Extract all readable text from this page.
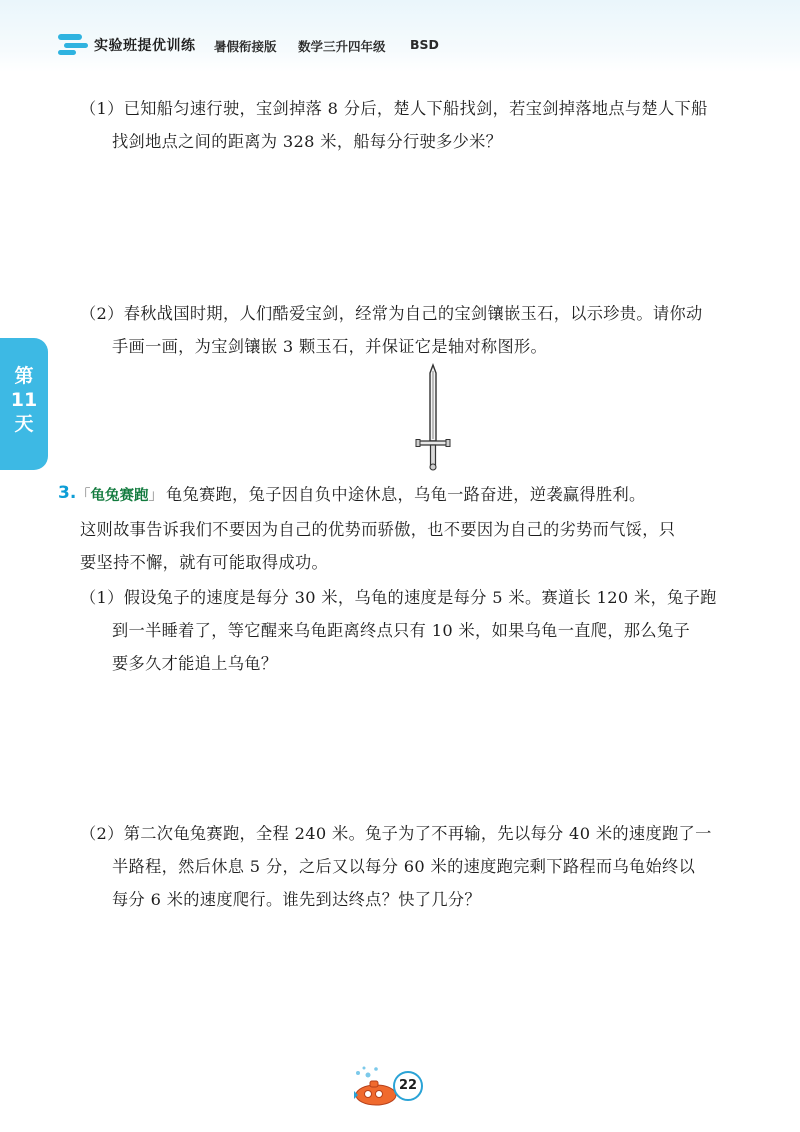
实验班提优训练 暑假衔接版 数学三升四年级 BSD
第
11
天
（1）已知船匀速行驶，宝剑掉落 8 分后，楚人下船找剑，若宝剑掉落地点与楚人下船
找剑地点之间的距离为 328 米，船每分行驶多少米？
（2）春秋战国时期，人们酷爱宝剑，经常为自己的宝剑镶嵌玉石，以示珍贵。请你动
手画一画，为宝剑镶嵌 3 颗玉石，并保证它是轴对称图形。
3. 「龟兔赛跑」 龟兔赛跑，兔子因自负中途休息，乌龟一路奋进，逆袭赢得胜利。
这则故事告诉我们不要因为自己的优势而骄傲，也不要因为自己的劣势而气馁，只
要坚持不懈，就有可能取得成功。
（1）假设兔子的速度是每分 30 米，乌龟的速度是每分 5 米。赛道长 120 米，兔子跑
到一半睡着了，等它醒来乌龟距离终点只有 10 米，如果乌龟一直爬，那么兔子
要多久才能追上乌龟？
（2）第二次龟兔赛跑，全程 240 米。兔子为了不再输，先以每分 40 米的速度跑了一
半路程，然后休息 5 分，之后又以每分 60 米的速度跑完剩下路程而乌龟始终以
每分 6 米的速度爬行。谁先到达终点？快了几分？
22
